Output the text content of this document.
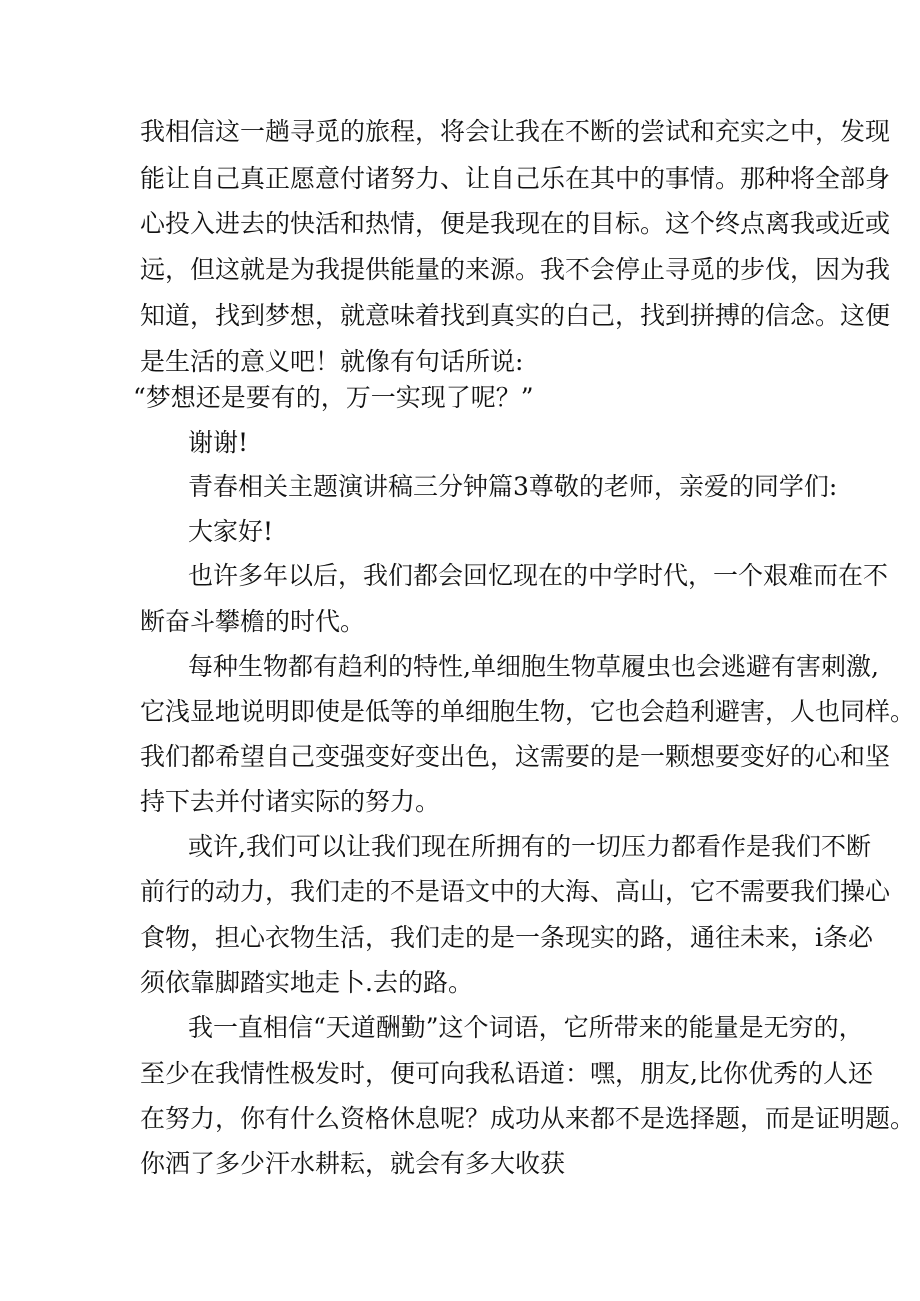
我相信这一趟寻觅的旅程，将会让我在不断的尝试和充实之中，发现

能让自己真正愿意付诸努力、让自己乐在其中的事情。那种将全部身

心投入进去的快活和热情，便是我现在的目标。这个终点离我或近或

远，但这就是为我提供能量的来源。我不会停止寻觅的步伐，因为我

知道，找到梦想，就意味着找到真实的白己，找到拼搏的信念。这便

是生活的意义吧！就像有句话所说:

“梦想还是要有的，万一实现了呢？”

谢谢!

青春相关主题演讲稿三分钟篇3尊敬的老师，亲爱的同学们:

大家好!

也许多年以后，我们都会回忆现在的中学时代，一个艰难而在不

断奋斗攀檐的时代。

每种生物都有趋利的特性,单细胞生物草履虫也会逃避有害刺激,

它浅显地说明即使是低等的单细胞生物，它也会趋利避害，人也同样。

我们都希望自己变强变好变出色，这需要的是一颗想要变好的心和坚

持下去并付诸实际的努力。

或许,我们可以让我们现在所拥有的一切压力都看作是我们不断

前行的动力，我们走的不是语文中的大海、高山，它不需要我们操心

食物，担心衣物生活，我们走的是一条现实的路，通往未来，i条必

须依靠脚踏实地走卜.去的路。

我一直相信“天道酬勤”这个词语，它所带来的能量是无穷的，

至少在我情性极发时，便可向我私语道：嘿，朋友,比你优秀的人还

在努力，你有什么资格休息呢？成功从来都不是选择题，而是证明题。

你洒了多少汗水耕耘，就会有多大收获
